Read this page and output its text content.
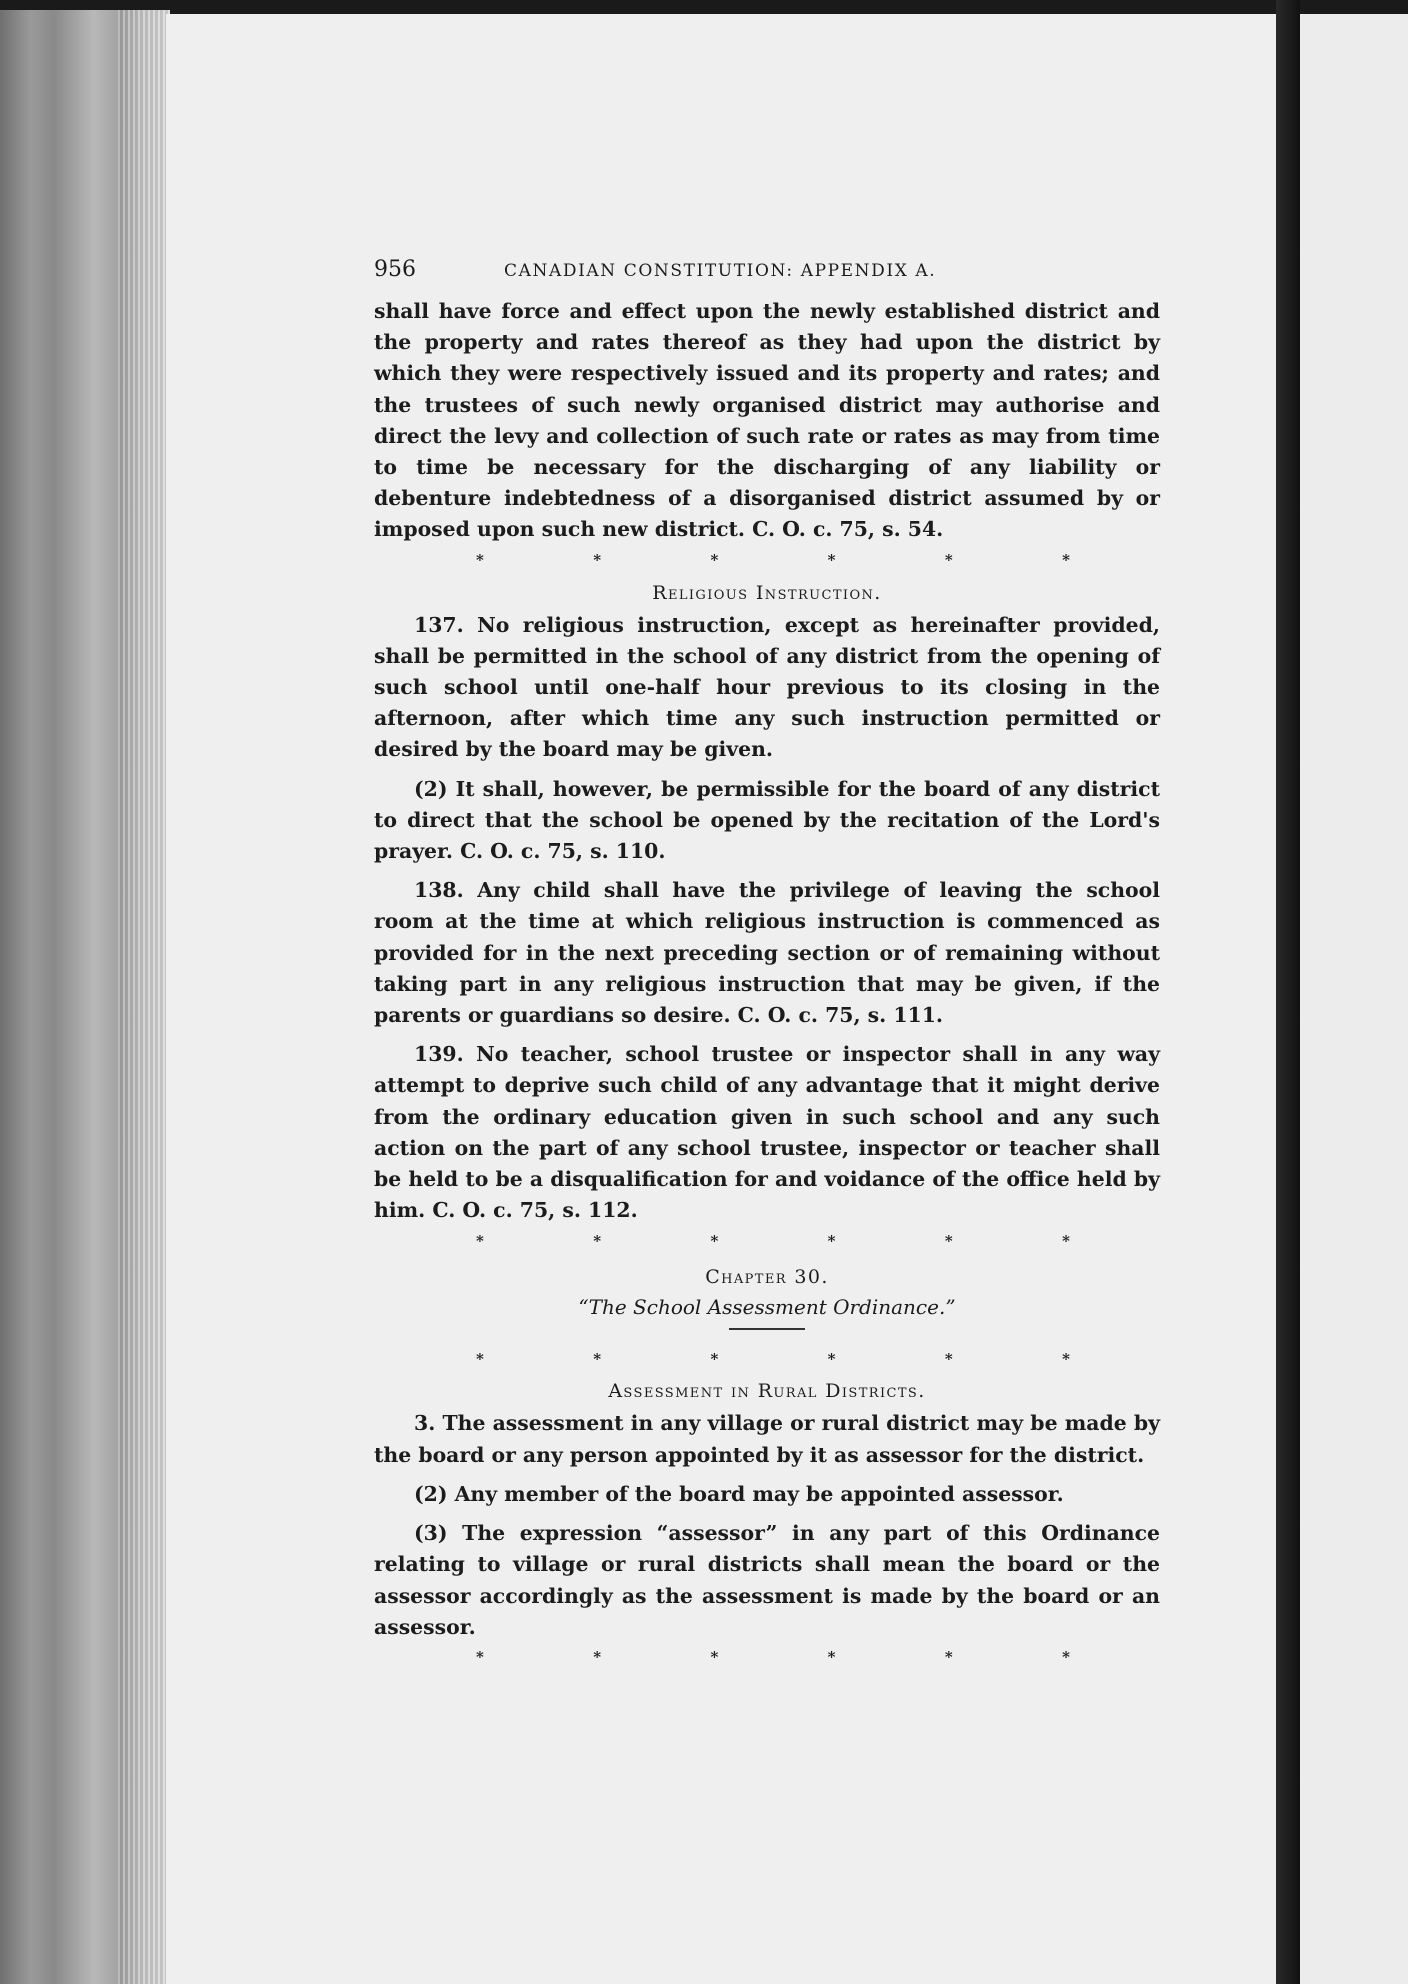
956	CANADIAN CONSTITUTION: APPENDIX A.

shall have force and effect upon the newly established district and the property and rates thereof as they had upon the district by which they were respectively issued and its property and rates; and the trustees of such newly organised district may authorise and direct the levy and collection of such rate or rates as may from time to time be necessary for the discharging of any liability or debenture indebtedness of a disorganised district assumed by or imposed upon such new district. C. O. c. 75, s. 54.

*	*	*	*	*	*
Religious Instruction.

137. No religious instruction, except as hereinafter provided, shall be permitted in the school of any district from the opening of such school until one-half hour previous to its closing in the afternoon, after which time any such instruction permitted or desired by the board may be given.

(2) It shall, however, be permissible for the board of any district to direct that the school be opened by the recitation of the Lord's prayer. C. O. c. 75, s. 110.

138. Any child shall have the privilege of leaving the school room at the time at which religious instruction is commenced as provided for in the next preceding section or of remaining without taking part in any religious instruction that may be given, if the parents or guardians so desire. C. O. c. 75, s. 111.

139. No teacher, school trustee or inspector shall in any way attempt to deprive such child of any advantage that it might derive from the ordinary education given in such school and any such action on the part of any school trustee, inspector or teacher shall be held to be a disqualification for and voidance of the office held by him. C. O. c. 75, s. 112.

*	*	*	*	*	*
Chapter 30.
“The School Assessment Ordinance.”
*	*	*	*	*	*
Assessment in Rural Districts.

3. The assessment in any village or rural district may be made by the board or any person appointed by it as assessor for the district.

(2) Any member of the board may be appointed assessor.

(3) The expression “assessor” in any part of this Ordinance relating to village or rural districts shall mean the board or the assessor accordingly as the assessment is made by the board or an assessor.

*	*	*	*	*	*
